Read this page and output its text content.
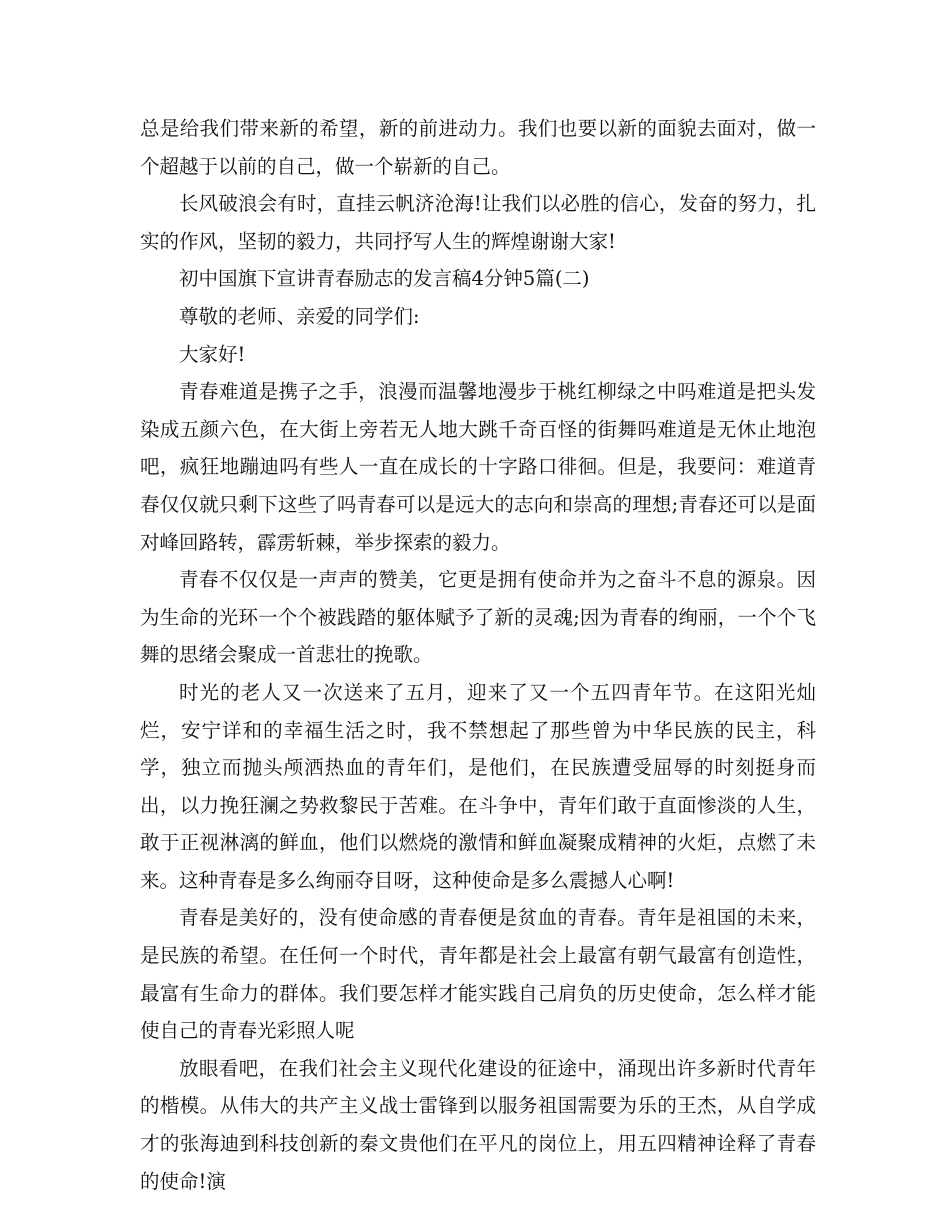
总是给我们带来新的希望，新的前进动力。我们也要以新的面貌去面对，做一个超越于以前的自己，做一个崭新的自己。

长风破浪会有时，直挂云帆济沧海!让我们以必胜的信心，发奋的努力，扎实的作风，坚韧的毅力，共同抒写人生的辉煌谢谢大家!

初中国旗下宣讲青春励志的发言稿4分钟5篇(二)

尊敬的老师、亲爱的同学们:

大家好!

青春难道是携子之手，浪漫而温馨地漫步于桃红柳绿之中吗难道是把头发染成五颜六色，在大街上旁若无人地大跳千奇百怪的街舞吗难道是无休止地泡吧，疯狂地蹦迪吗有些人一直在成长的十字路口徘徊。但是，我要问：难道青春仅仅就只剩下这些了吗青春可以是远大的志向和崇高的理想;青春还可以是面对峰回路转，霹雳斩棘，举步探索的毅力。

青春不仅仅是一声声的赞美，它更是拥有使命并为之奋斗不息的源泉。因为生命的光环一个个被践踏的躯体赋予了新的灵魂;因为青春的绚丽，一个个飞舞的思绪会聚成一首悲壮的挽歌。

时光的老人又一次送来了五月，迎来了又一个五四青年节。在这阳光灿烂，安宁详和的幸福生活之时，我不禁想起了那些曾为中华民族的民主，科学，独立而抛头颅洒热血的青年们，是他们，在民族遭受屈辱的时刻挺身而出，以力挽狂澜之势救黎民于苦难。在斗争中，青年们敢于直面惨淡的人生，敢于正视淋漓的鲜血，他们以燃烧的激情和鲜血凝聚成精神的火炬，点燃了未来。这种青春是多么绚丽夺目呀，这种使命是多么震撼人心啊!

青春是美好的，没有使命感的青春便是贫血的青春。青年是祖国的未来，是民族的希望。在任何一个时代，青年都是社会上最富有朝气最富有创造性，最富有生命力的群体。我们要怎样才能实践自己肩负的历史使命，怎么样才能使自己的青春光彩照人呢

放眼看吧，在我们社会主义现代化建设的征途中，涌现出许多新时代青年的楷模。从伟大的共产主义战士雷锋到以服务祖国需要为乐的王杰，从自学成才的张海迪到科技创新的秦文贵他们在平凡的岗位上，用五四精神诠释了青春的使命!演
